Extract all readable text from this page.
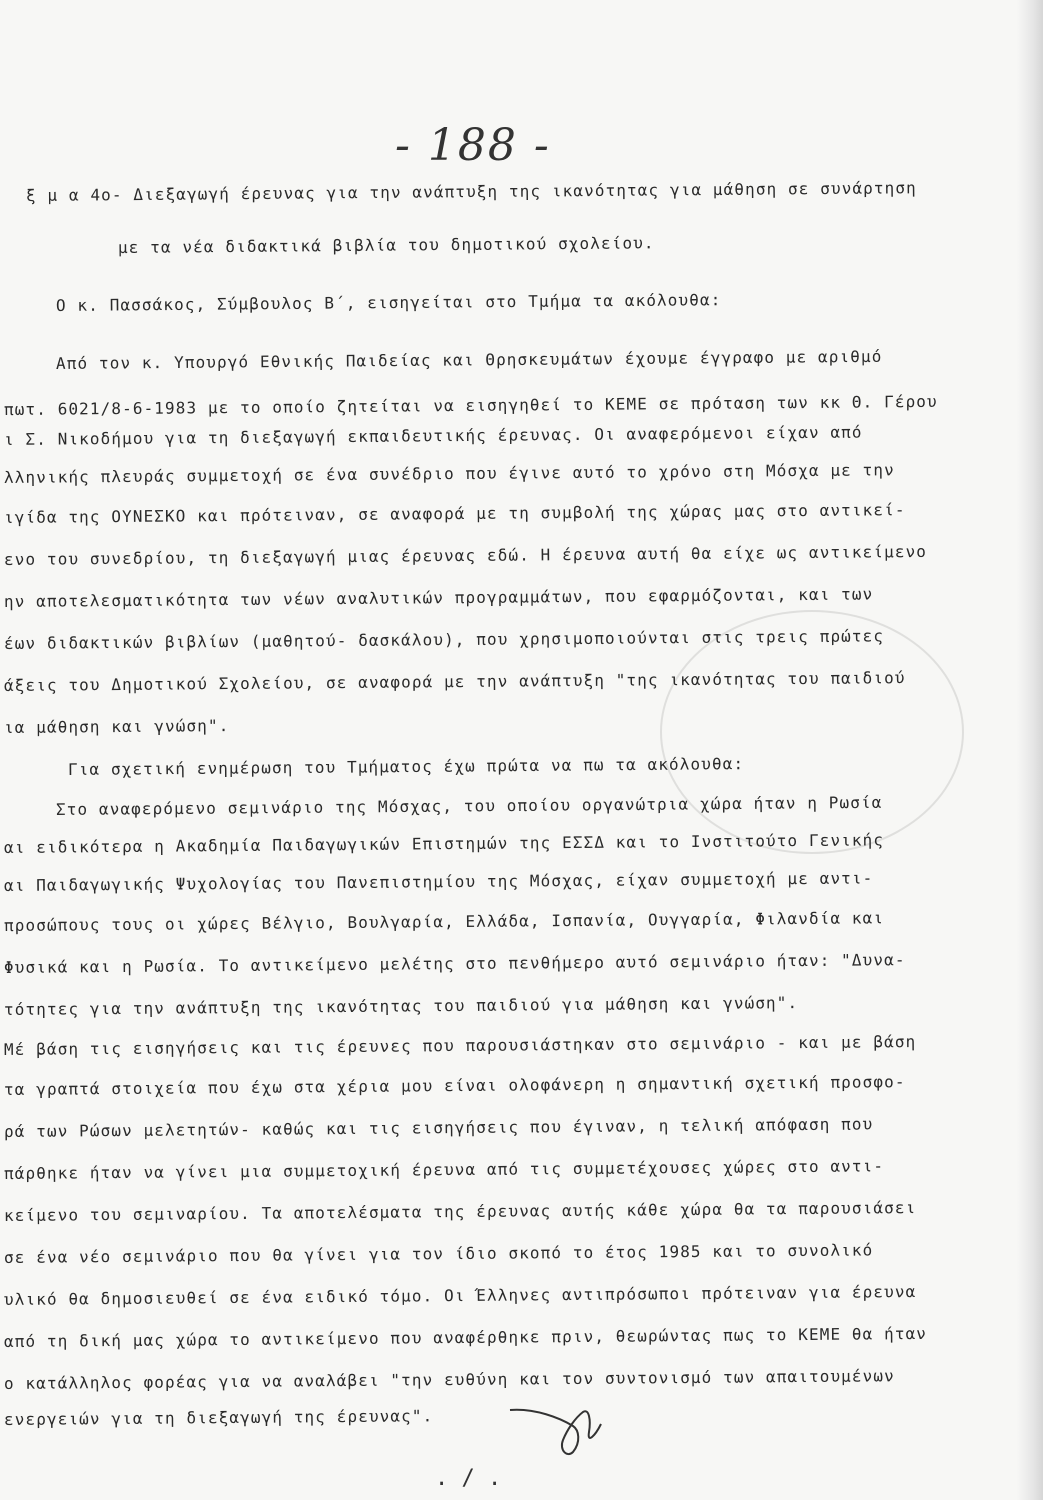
- 188 -
ξ μ α 4ο- Διεξαγωγή έρευνας για την ανάπτυξη της ικανότητας για μάθηση σε συνάρτηση
με τα νέα διδακτικά βιβλία του δημοτικού σχολείου.
Ο κ. Πασσάκος, Σύμβουλος Β΄, εισηγείται στο Τμήμα τα ακόλουθα:
Από τον κ. Υπουργό Εθνικής Παιδείας και Θρησκευμάτων έχουμε έγγραφο με αριθμό
πωτ. 6021/8-6-1983 με το οποίο ζητείται να εισηγηθεί το ΚΕΜΕ σε πρόταση των κκ Θ. Γέρου
ι Σ. Νικοδήμου για τη διεξαγωγή εκπαιδευτικής έρευνας. Οι αναφερόμενοι είχαν από
λληνικής πλευράς συμμετοχή σε ένα συνέδριο που έγινε αυτό το χρόνο στη Μόσχα με την
ιγίδα της ΟΥΝΕΣΚΟ και πρότειναν, σε αναφορά με τη συμβολή της χώρας μας στο αντικεί-
ενο του συνεδρίου, τη διεξαγωγή μιας έρευνας εδώ. Η έρευνα αυτή θα είχε ως αντικείμενο
ην αποτελεσματικότητα των νέων αναλυτικών προγραμμάτων, που εφαρμόζονται, και των
έων διδακτικών βιβλίων (μαθητού- δασκάλου), που χρησιμοποιούνται στις τρεις πρώτες
άξεις του Δημοτικού Σχολείου, σε αναφορά με την ανάπτυξη "της ικανότητας του παιδιού
ια μάθηση και γνώση".
Για σχετική ενημέρωση του Τμήματος έχω πρώτα να πω τα ακόλουθα:
Στο αναφερόμενο σεμινάριο της Μόσχας, του οποίου οργανώτρια χώρα ήταν η Ρωσία
αι ειδικότερα η Ακαδημία Παιδαγωγικών Επιστημών της ΕΣΣΔ και το Ινστιτούτο Γενικής
αι Παιδαγωγικής Ψυχολογίας του Πανεπιστημίου της Μόσχας, είχαν συμμετοχή με αντι-
προσώπους τους οι χώρες Βέλγιο, Βουλγαρία, Ελλάδα, Ισπανία, Ουγγαρία, Φιλανδία και
Φυσικά και η Ρωσία. Το αντικείμενο μελέτης στο πενθήμερο αυτό σεμινάριο ήταν: "Δυνα-
τότητες για την ανάπτυξη της ικανότητας του παιδιού για μάθηση και γνώση".
Μέ βάση τις εισηγήσεις και τις έρευνες που παρουσιάστηκαν στο σεμινάριο - και με βάση
τα γραπτά στοιχεία που έχω στα χέρια μου είναι ολοφάνερη η σημαντική σχετική προσφο-
ρά των Ρώσων μελετητών- καθώς και τις εισηγήσεις που έγιναν, η τελική απόφαση που
πάρθηκε ήταν να γίνει μια συμμετοχική έρευνα από τις συμμετέχουσες χώρες στο αντι-
κείμενο του σεμιναρίου. Τα αποτελέσματα της έρευνας αυτής κάθε χώρα θα τα παρουσιάσει
σε ένα νέο σεμινάριο που θα γίνει για τον ίδιο σκοπό το έτος 1985 και το συνολικό
υλικό θα δημοσιευθεί σε ένα ειδικό τόμο. Οι Έλληνες αντιπρόσωποι πρότειναν για έρευνα
από τη δική μας χώρα το αντικείμενο που αναφέρθηκε πριν, θεωρώντας πως το ΚΕΜΕ θα ήταν
ο κατάλληλος φορέας για να αναλάβει "την ευθύνη και τον συντονισμό των απαιτουμένων
ενεργειών για τη διεξαγωγή της έρευνας".
. / .
